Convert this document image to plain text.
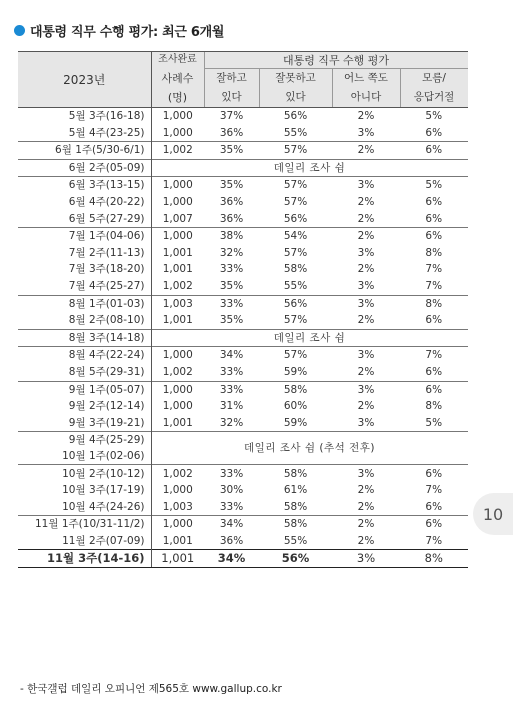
대통령 직무 수행 평가: 최근 6개월
2023년	조사완료	대통령 직무 수행 평가			
	사례수	잘하고	잘못하고	어느 쪽도	모름/

	(명)	있다	있다	아니다	응답거절
5월 3주(16-18)	1,000	37%	56%	2%	5%
5월 4주(23-25)	1,000	36%	55%	3%	6%
6월 1주(5/30-6/1)	1,002	35%	57%	2%	6%
6월 2주(05-09)	데일리 조사 쉼				
6월 3주(13-15)	1,000	35%	57%	3%	5%
6월 4주(20-22)	1,000	36%	57%	2%	6%
6월 5주(27-29)	1,007	36%	56%	2%	6%
7월 1주(04-06)	1,000	38%	54%	2%	6%
7월 2주(11-13)	1,001	32%	57%	3%	8%
7월 3주(18-20)	1,001	33%	58%	2%	7%
7월 4주(25-27)	1,002	35%	55%	3%	7%
8월 1주(01-03)	1,003	33%	56%	3%	8%
8월 2주(08-10)	1,001	35%	57%	2%	6%
8월 3주(14-18)	데일리 조사 쉼				
8월 4주(22-24)	1,000	34%	57%	3%	7%
8월 5주(29-31)	1,002	33%	59%	2%	6%
9월 1주(05-07)	1,000	33%	58%	3%	6%
9월 2주(12-14)	1,000	31%	60%	2%	8%
9월 3주(19-21)	1,001	32%	59%	3%	5%
9월 4주(25-29)	데일리 조사 쉼 (추석 전후)				
10월 1주(02-06)					
10월 2주(10-12)	1,002	33%	58%	3%	6%
10월 3주(17-19)	1,000	30%	61%	2%	7%
10월 4주(24-26)	1,003	33%	58%	2%	6%
11월 1주(10/31-11/2)	1,000	34%	58%	2%	6%
11월 2주(07-09)	1,001	36%	55%	2%	7%
11월 3주(14-16)	1,001	34%	56%	3%	8%
10
- 한국갤럽 데일리 오피니언 제565호 www.gallup.co.kr
